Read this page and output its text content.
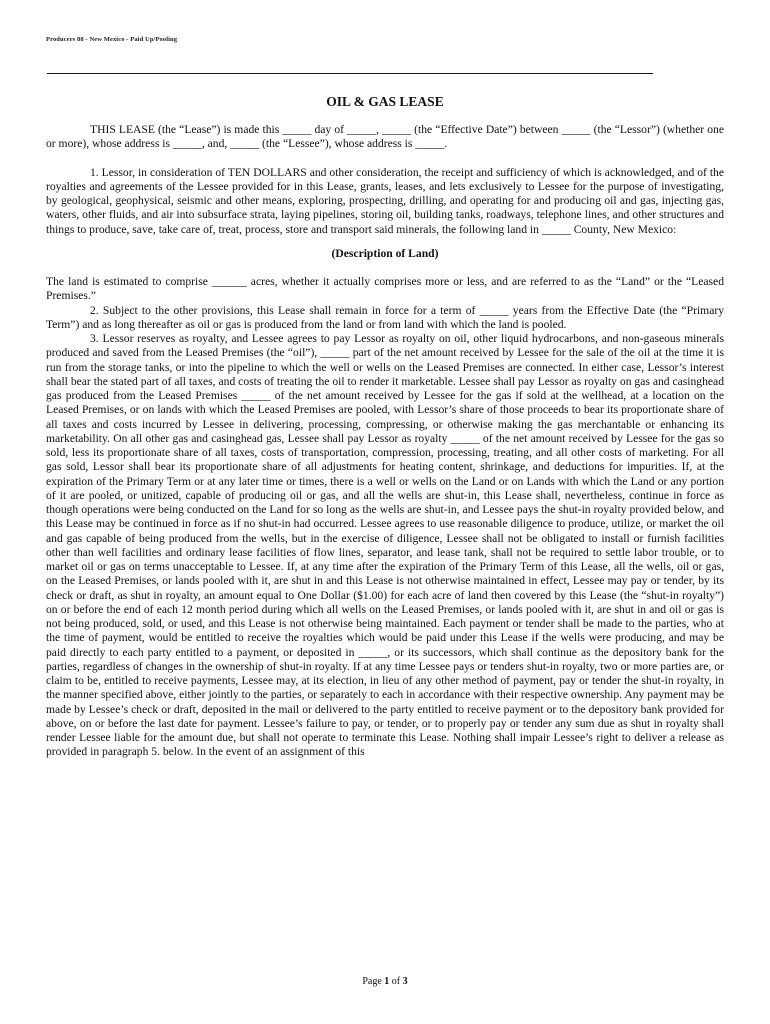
Producers 88 - New Mexico - Paid Up/Pooling
OIL & GAS LEASE

THIS LEASE (the “Lease”) is made this _____ day of _____, _____ (the “Effective Date”) between _____ (the “Lessor”) (whether one or more), whose address is _____, and, _____ (the “Lessee”), whose address is _____.

1. Lessor, in consideration of TEN DOLLARS and other consideration, the receipt and sufficiency of which is acknowledged, and of the royalties and agreements of the Lessee provided for in this Lease, grants, leases, and lets exclusively to Lessee for the purpose of investigating, by geological, geophysical, seismic and other means, exploring, prospecting, drilling, and operating for and producing oil and gas, injecting gas, waters, other fluids, and air into subsurface strata, laying pipelines, storing oil, building tanks, roadways, telephone lines, and other structures and things to produce, save, take care of, treat, process, store and transport said minerals, the following land in _____ County, New Mexico:

(Description of Land)

The land is estimated to comprise ______ acres, whether it actually comprises more or less, and are referred to as the “Land” or the “Leased Premises.”

2. Subject to the other provisions, this Lease shall remain in force for a term of _____ years from the Effective Date (the “Primary Term”) and as long thereafter as oil or gas is produced from the land or from land with which the land is pooled.

3. Lessor reserves as royalty, and Lessee agrees to pay Lessor as royalty on oil, other liquid hydrocarbons, and non-gaseous minerals produced and saved from the Leased Premises (the “oil”), _____ part of the net amount received by Lessee for the sale of the oil at the time it is run from the storage tanks, or into the pipeline to which the well or wells on the Leased Premises are connected. In either case, Lessor’s interest shall bear the stated part of all taxes, and costs of treating the oil to render it marketable. Lessee shall pay Lessor as royalty on gas and casinghead gas produced from the Leased Premises _____ of the net amount received by Lessee for the gas if sold at the wellhead, at a location on the Leased Premises, or on lands with which the Leased Premises are pooled, with Lessor’s share of those proceeds to bear its proportionate share of all taxes and costs incurred by Lessee in delivering, processing, compressing, or otherwise making the gas merchantable or enhancing its marketability. On all other gas and casinghead gas, Lessee shall pay Lessor as royalty _____ of the net amount received by Lessee for the gas so sold, less its proportionate share of all taxes, costs of transportation, compression, processing, treating, and all other costs of marketing. For all gas sold, Lessor shall bear its proportionate share of all adjustments for heating content, shrinkage, and deductions for impurities. If, at the expiration of the Primary Term or at any later time or times, there is a well or wells on the Land or on Lands with which the Land or any portion of it are pooled, or unitized, capable of producing oil or gas, and all the wells are shut-in, this Lease shall, nevertheless, continue in force as though operations were being conducted on the Land for so long as the wells are shut-in, and Lessee pays the shut-in royalty provided below, and this Lease may be continued in force as if no shut-in had occurred. Lessee agrees to use reasonable diligence to produce, utilize, or market the oil and gas capable of being produced from the wells, but in the exercise of diligence, Lessee shall not be obligated to install or furnish facilities other than well facilities and ordinary lease facilities of flow lines, separator, and lease tank, shall not be required to settle labor trouble, or to market oil or gas on terms unacceptable to Lessee. If, at any time after the expiration of the Primary Term of this Lease, all the wells, oil or gas, on the Leased Premises, or lands pooled with it, are shut in and this Lease is not otherwise maintained in effect, Lessee may pay or tender, by its check or draft, as shut in royalty, an amount equal to One Dollar ($1.00) for each acre of land then covered by this Lease (the “shut-in royalty”) on or before the end of each 12 month period during which all wells on the Leased Premises, or lands pooled with it, are shut in and oil or gas is not being produced, sold, or used, and this Lease is not otherwise being maintained. Each payment or tender shall be made to the parties, who at the time of payment, would be entitled to receive the royalties which would be paid under this Lease if the wells were producing, and may be paid directly to each party entitled to a payment, or deposited in _____, or its successors, which shall continue as the depository bank for the parties, regardless of changes in the ownership of shut-in royalty. If at any time Lessee pays or tenders shut-in royalty, two or more parties are, or claim to be, entitled to receive payments, Lessee may, at its election, in lieu of any other method of payment, pay or tender the shut-in royalty, in the manner specified above, either jointly to the parties, or separately to each in accordance with their respective ownership. Any payment may be made by Lessee’s check or draft, deposited in the mail or delivered to the party entitled to receive payment or to the depository bank provided for above, on or before the last date for payment. Lessee’s failure to pay, or tender, or to properly pay or tender any sum due as shut in royalty shall render Lessee liable for the amount due, but shall not operate to terminate this Lease. Nothing shall impair Lessee’s right to deliver a release as provided in paragraph 5. below. In the event of an assignment of this

Page 1 of 3
